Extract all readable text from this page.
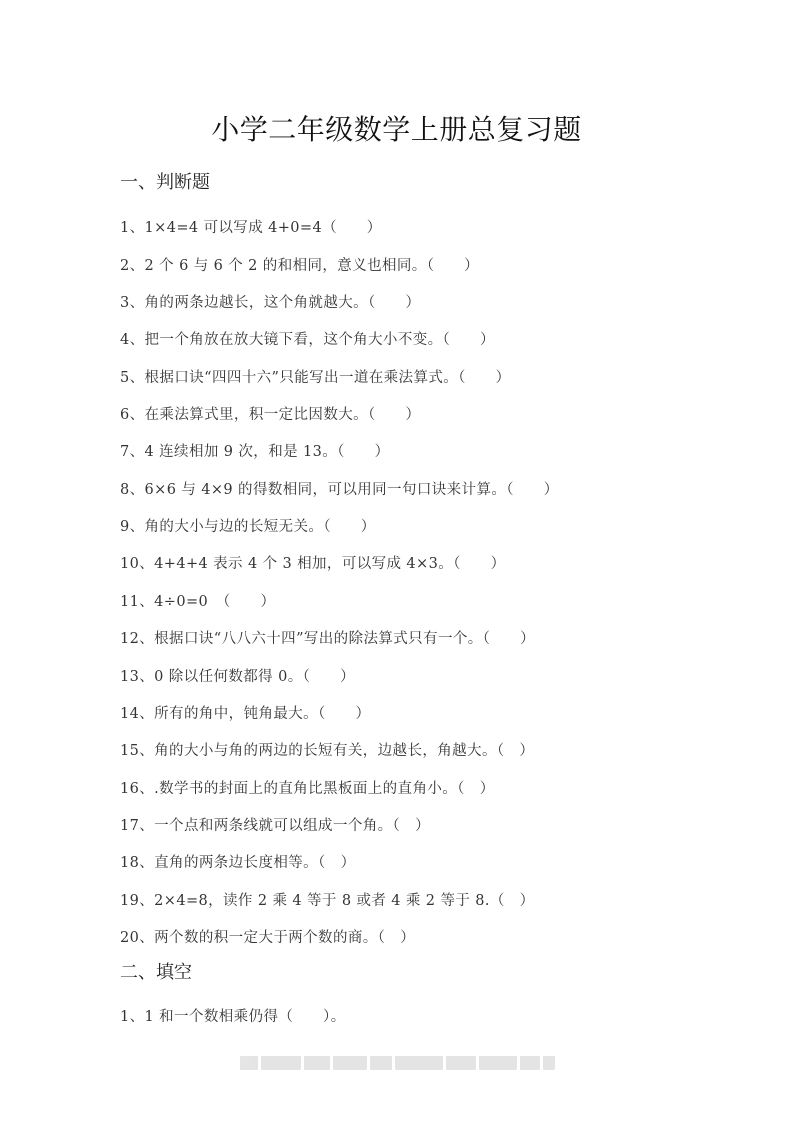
小学二年级数学上册总复习题
一、判断题
1、1×4=4 可以写成 4+0=4（　　）
2、2 个 6 与 6 个 2 的和相同，意义也相同。（　　）
3、角的两条边越长，这个角就越大。（　　）
4、把一个角放在放大镜下看，这个角大小不变。（　　）
5、根据口诀“四四十六”只能写出一道在乘法算式。（　　）
6、在乘法算式里，积一定比因数大。（　　）
7、4 连续相加 9 次，和是 13。（　　）
8、6×6 与 4×9 的得数相同，可以用同一句口诀来计算。（　　）
9、角的大小与边的长短无关。（　　）
10、4+4+4 表示 4 个 3 相加，可以写成 4×3。（　　）
11、4÷0=0　（　　）
12、根据口诀“八八六十四”写出的除法算式只有一个。（　　）
13、0 除以任何数都得 0。（　　）
14、所有的角中，钝角最大。（　　）
15、角的大小与角的两边的长短有关，边越长，角越大。（　）
16、.数学书的封面上的直角比黑板面上的直角小。（　）
17、一个点和两条线就可以组成一个角。（　）
18、直角的两条边长度相等。（　）
19、2×4=8，读作 2 乘 4 等于 8 或者 4 乘 2 等于 8.（　）
20、两个数的积一定大于两个数的商。（　）
二、填空
1、1 和一个数相乘仍得（　　）。
